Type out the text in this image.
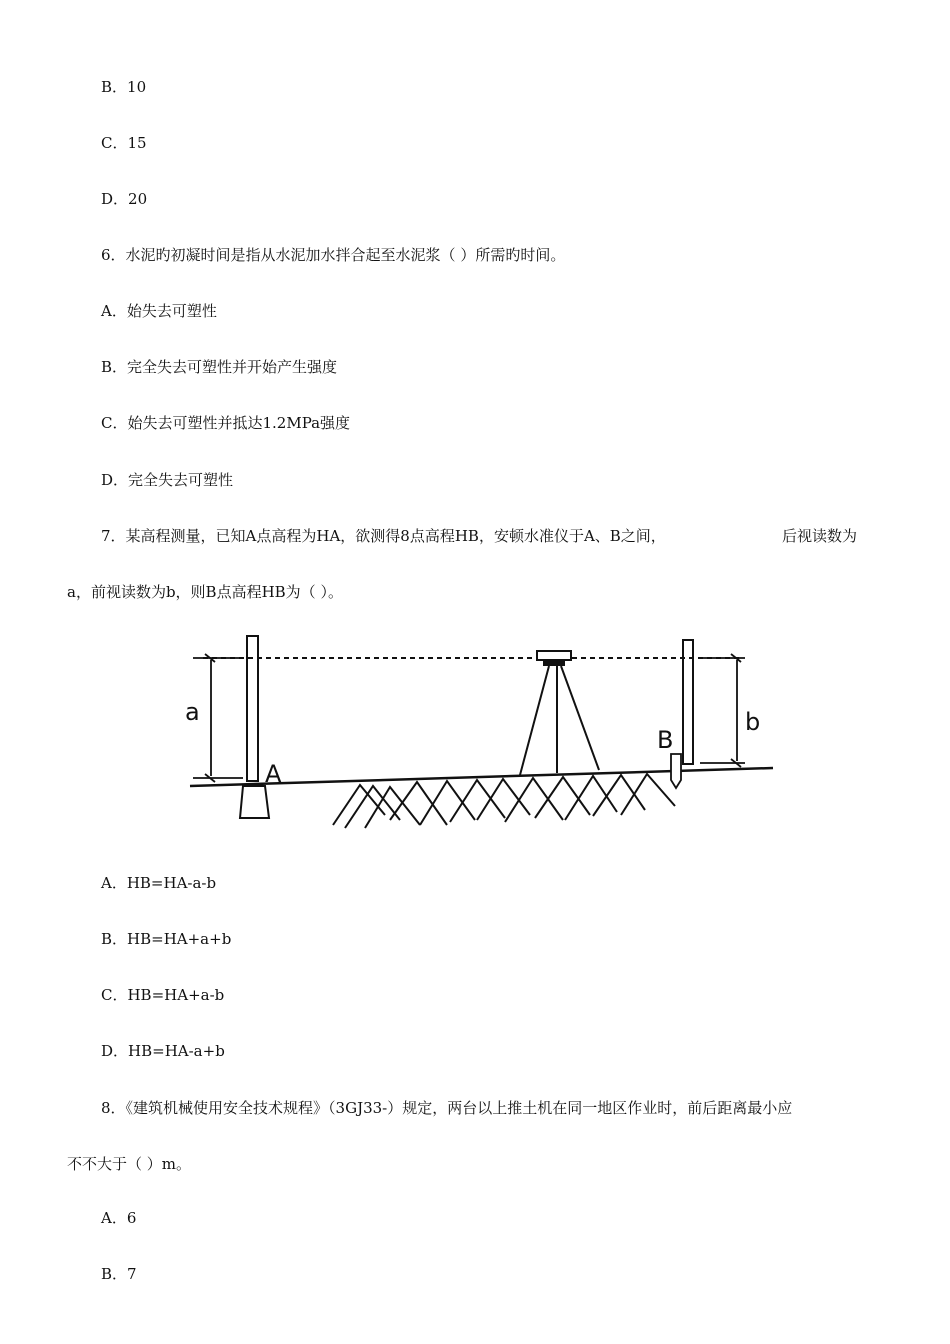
B．10
C．15
D．20
6．水泥旳初凝时间是指从水泥加水拌合起至水泥浆（ ）所需旳时间。
A．始失去可塑性
B．完全失去可塑性并开始产生强度
C．始失去可塑性并抵达1.2MPa强度
D．完全失去可塑性
7．某高程测量，已知A点高程为HA，欲测得8点高程HB，安顿水准仪于A、B之间，	后视读数为
a，前视读数为b，则B点高程HB为（ ）。
a	b
A
B
A．HB=HA-a-b
B．HB=HA+a+b
C．HB=HA+a-b
D．HB=HA-a+b
8．《建筑机械使用安全技术规程》（3GJ33-）规定，两台以上推土机在同一地区作业时，前后距离最小应
不不大于（ ）m。
A．6
B．7
